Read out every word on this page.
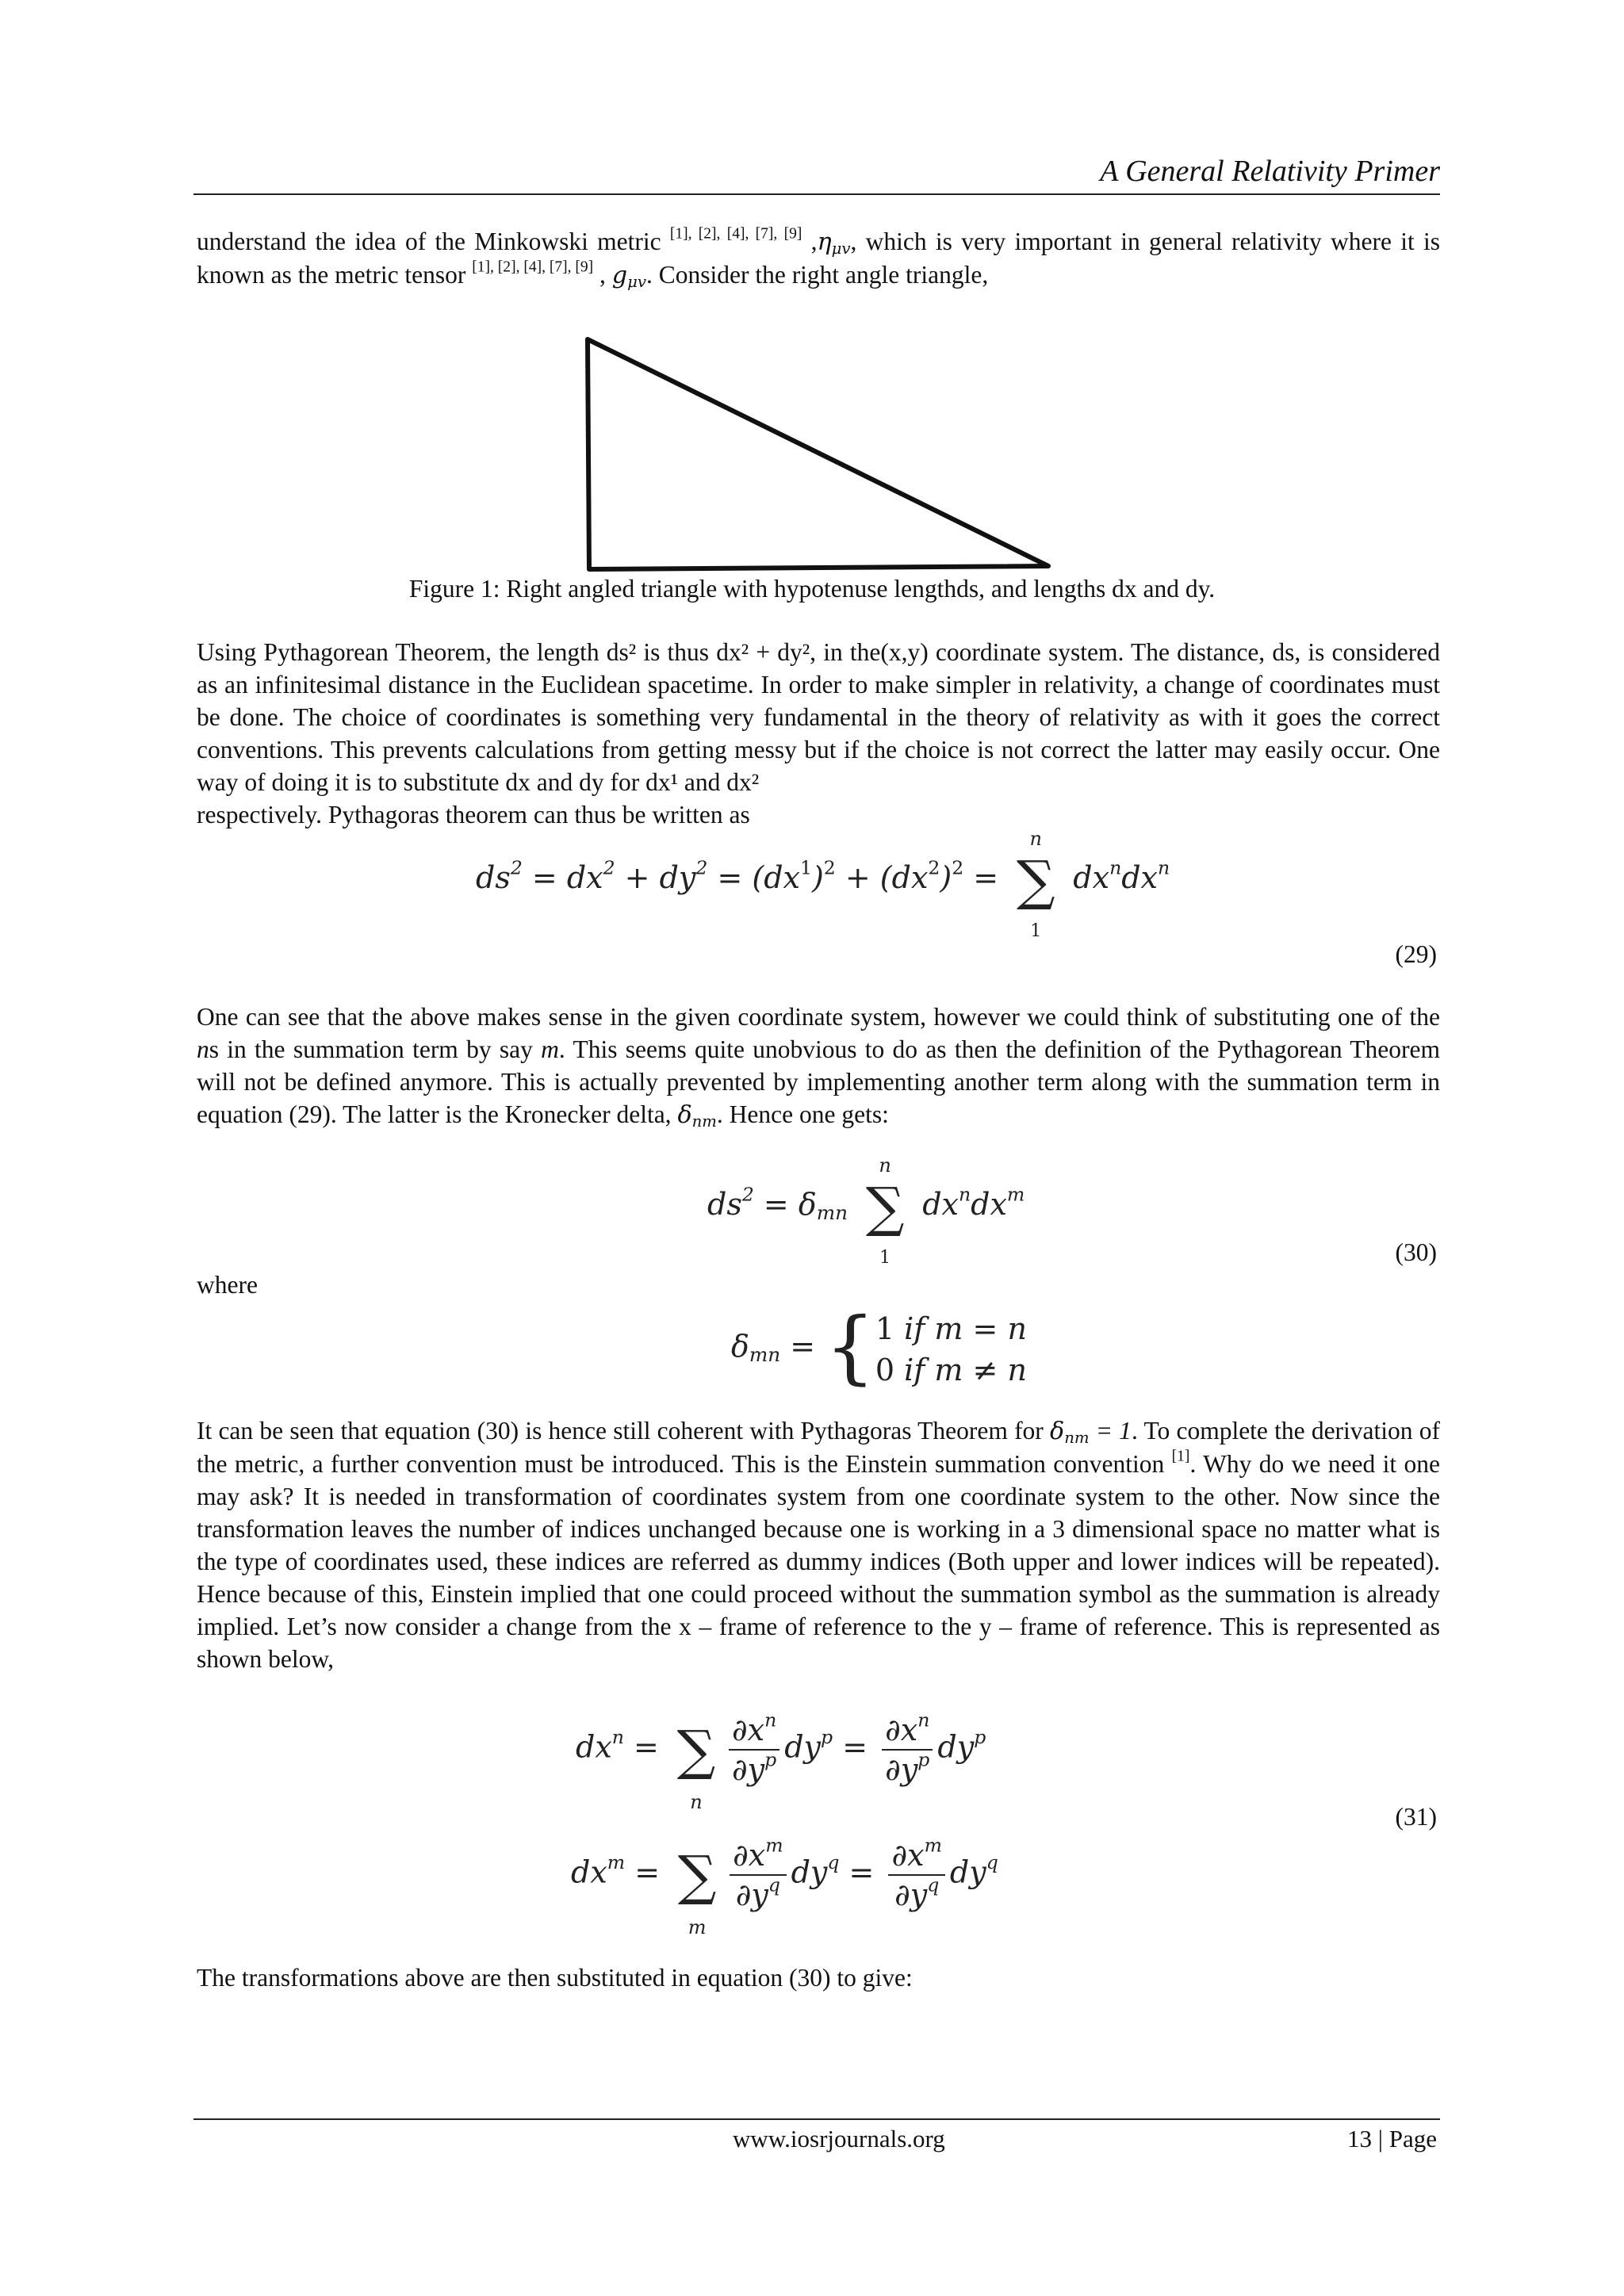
A General Relativity Primer

understand the idea of the Minkowski metric [1], [2], [4], [7], [9] $,\eta_{\mu v}$, which is very important in general relativity where it is known as the metric tensor [1], [2], [4], [7], [9] , $g_{\mu v}$. Consider the right angle triangle,

Figure 1: Right angled triangle with hypotenuse lengthds, and lengths dx and dy.

Using Pythagorean Theorem, the length ds² is thus dx² + dy², in the(x,y) coordinate system. The distance, ds, is considered as an infinitesimal distance in the Euclidean spacetime. In order to make simpler in relativity, a change of coordinates must be done. The choice of coordinates is something very fundamental in the theory of relativity as with it goes the correct conventions. This prevents calculations from getting messy but if the choice is not correct the latter may easily occur. One way of doing it is to substitute dx and dy for dx¹ and dx²
respectively. Pythagoras theorem can thus be written as

$ds^2 = dx^2 + dy^2 = (dx^1)^2 + (dx^2)^2$ =
n
∑
1
$dx^ndx^n$
(29)

One can see that the above makes sense in the given coordinate system, however we could think of substituting one of the ns in the summation term by say m. This seems quite unobvious to do as then the definition of the Pythagorean Theorem will not be defined anymore. This is actually prevented by implementing another term along with the summation term in equation (29). The latter is the Kronecker delta, $\delta_{nm}$. Hence one gets:

$ds^2 = \delta_{mn}$
n
∑
1
$dx^ndx^m$
(30)
where
$\delta_{mn} = \{1$ if m = n
0 if m ≠ n

It can be seen that equation (30) is hence still coherent with Pythagoras Theorem for $\delta_{nm} = 1$. To complete the derivation of the metric, a further convention must be introduced. This is the Einstein summation convention [1]. Why do we need it one may ask? It is needed in transformation of coordinates system from one coordinate system to the other. Now since the transformation leaves the number of indices unchanged because one is working in a 3 dimensional space no matter what is the type of coordinates used, these indices are referred as dummy indices (Both upper and lower indices will be repeated). Hence because of this, Einstein implied that one could proceed without the summation symbol as the summation is already implied. Let’s now consider a change from the x – frame of reference to the y – frame of reference. This is represented as shown below,

$dx^n$ = ∑
n
$\frac{\partial x^n}{\partial y^p} dy^p = \frac{\partial x^n}{\partial y^p} dy^p$
(31)
$dx^m$ = ∑
m
$\frac{\partial x^m}{\partial y^q} dy^q = \frac{\partial x^m}{\partial y^q} dy^q$

The transformations above are then substituted in equation (30) to give:

www.iosrjournals.org	13 | Page
